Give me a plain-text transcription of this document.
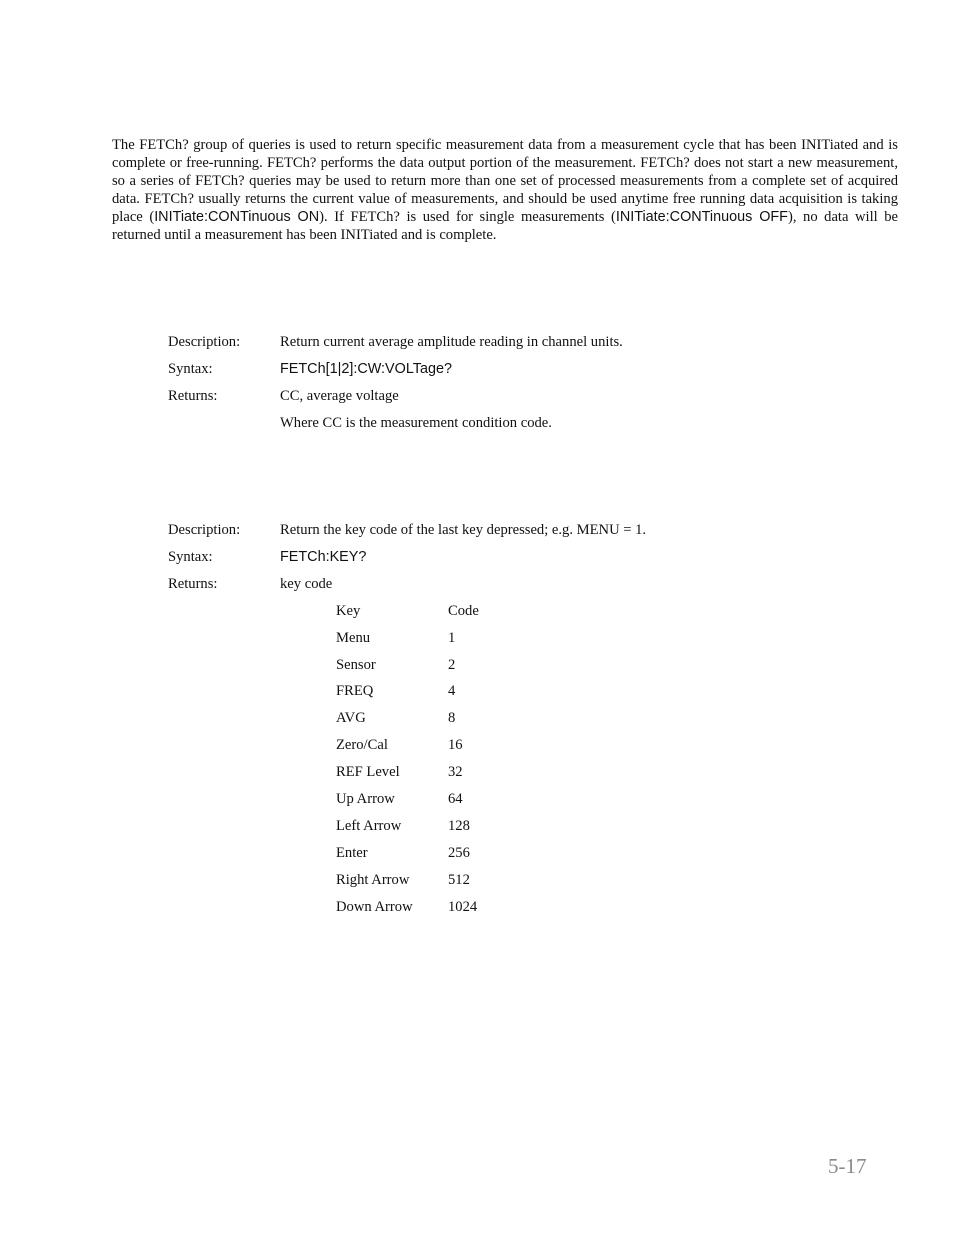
The FETCh? group of queries is used to return specific measurement data from a measurement cycle that has been INITiated and is complete or free-running. FETCh? performs the data output portion of the measurement. FETCh? does not start a new measurement, so a series of FETCh? queries may be used to return more than one set of processed measurements from a complete set of acquired data. FETCh? usually returns the current value of measurements, and should be used anytime free running data acquisition is taking place (INITiate:CONTinuous ON). If FETCh? is used for single measurements (INITiate:CONTinuous OFF), no data will be returned until a measurement has been INITiated and is complete.

Description:	Return current average amplitude reading in channel units.
Syntax:	FETCh[1|2]:CW:VOLTage?
Returns:	CC, average voltage
Where CC is the measurement condition code.
Description:	Return the key code of the last key depressed; e.g. MENU = 1.
Syntax:	FETCh:KEY?
Returns:	key code
Key	Code
Menu	1
Sensor	2
FREQ	4
AVG	8
Zero/Cal	16
REF Level	32
Up Arrow	64
Left Arrow	128
Enter	256
Right Arrow	512
Down Arrow 1024
5-17
